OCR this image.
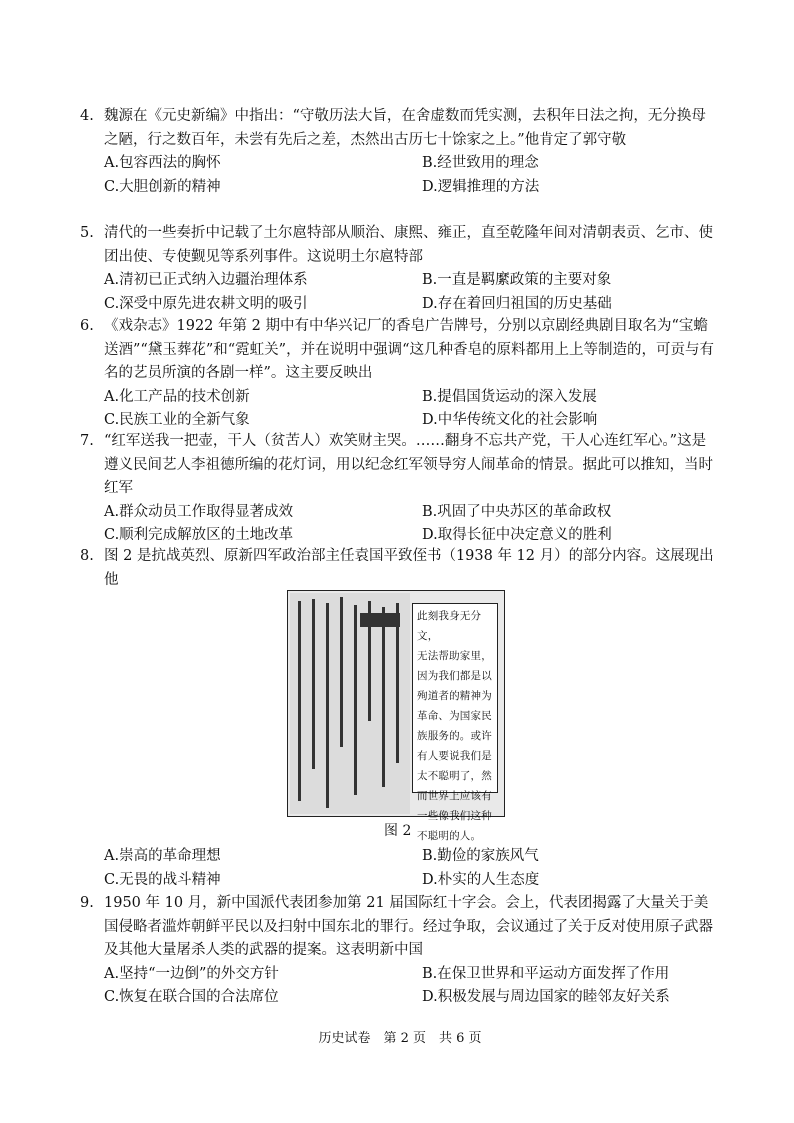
4. 魏源在《元史新编》中指出：“守敬历法大旨，在舍虚数而凭实测，去积年日法之拘，无分换母之陋，行之数百年，未尝有先后之差，杰然出古历七十馀家之上。”他肯定了郭守敬

A.包容西法的胸怀	B.经世致用的理念
C.大胆创新的精神	D.逻辑推理的方法
5. 清代的一些奏折中记载了土尔扈特部从顺治、康熙、雍正，直至乾隆年间对清朝表贡、乞市、使团出使、专使觐见等系列事件。这说明土尔扈特部

A.清初已正式纳入边疆治理体系	B.一直是羁縻政策的主要对象
C.深受中原先进农耕文明的吸引	D.存在着回归祖国的历史基础
6. 《戏杂志》1922 年第 2 期中有中华兴记厂的香皂广告牌号，分别以京剧经典剧目取名为“宝蟾送酒”“黛玉葬花”和“霓虹关”，并在说明中强调“这几种香皂的原料都用上上等制造的，可贡与有名的艺员所演的各剧一样”。这主要反映出

A.化工产品的技术创新	B.提倡国货运动的深入发展
C.民族工业的全新气象	D.中华传统文化的社会影响
7. “红军送我一把壶，干人（贫苦人）欢笑财主哭。……翻身不忘共产党，干人心连红军心。”这是遵义民间艺人李祖德所编的花灯词，用以纪念红军领导穷人闹革命的情景。据此可以推知，当时红军

A.群众动员工作取得显著成效	B.巩固了中央苏区的革命政权
C.顺利完成解放区的土地改革	D.取得长征中决定意义的胜利
8. 图 2 是抗战英烈、原新四军政治部主任袁国平致侄书（1938 年 12 月）的部分内容。这展现出他

此刻我身无分文，
无法帮助家里，
因为我们都是以
殉道者的精神为
革命、为国家民
族服务的。或许
有人要说我们是
太不聪明了，然
而世界上应该有
一些像我们这种
不聪明的人。
图 2
A.崇高的革命理想	B.勤俭的家族风气
C.无畏的战斗精神	D.朴实的人生态度
9. 1950 年 10 月，新中国派代表团参加第 21 届国际红十字会。会上，代表团揭露了大量关于美国侵略者滥炸朝鲜平民以及扫射中国东北的罪行。经过争取，会议通过了关于反对使用原子武器及其他大量屠杀人类的武器的提案。这表明新中国

A.坚持“一边倒”的外交方针	B.在保卫世界和平运动方面发挥了作用
C.恢复在联合国的合法席位	D.积极发展与周边国家的睦邻友好关系
历史试卷　第 2 页　共 6 页
